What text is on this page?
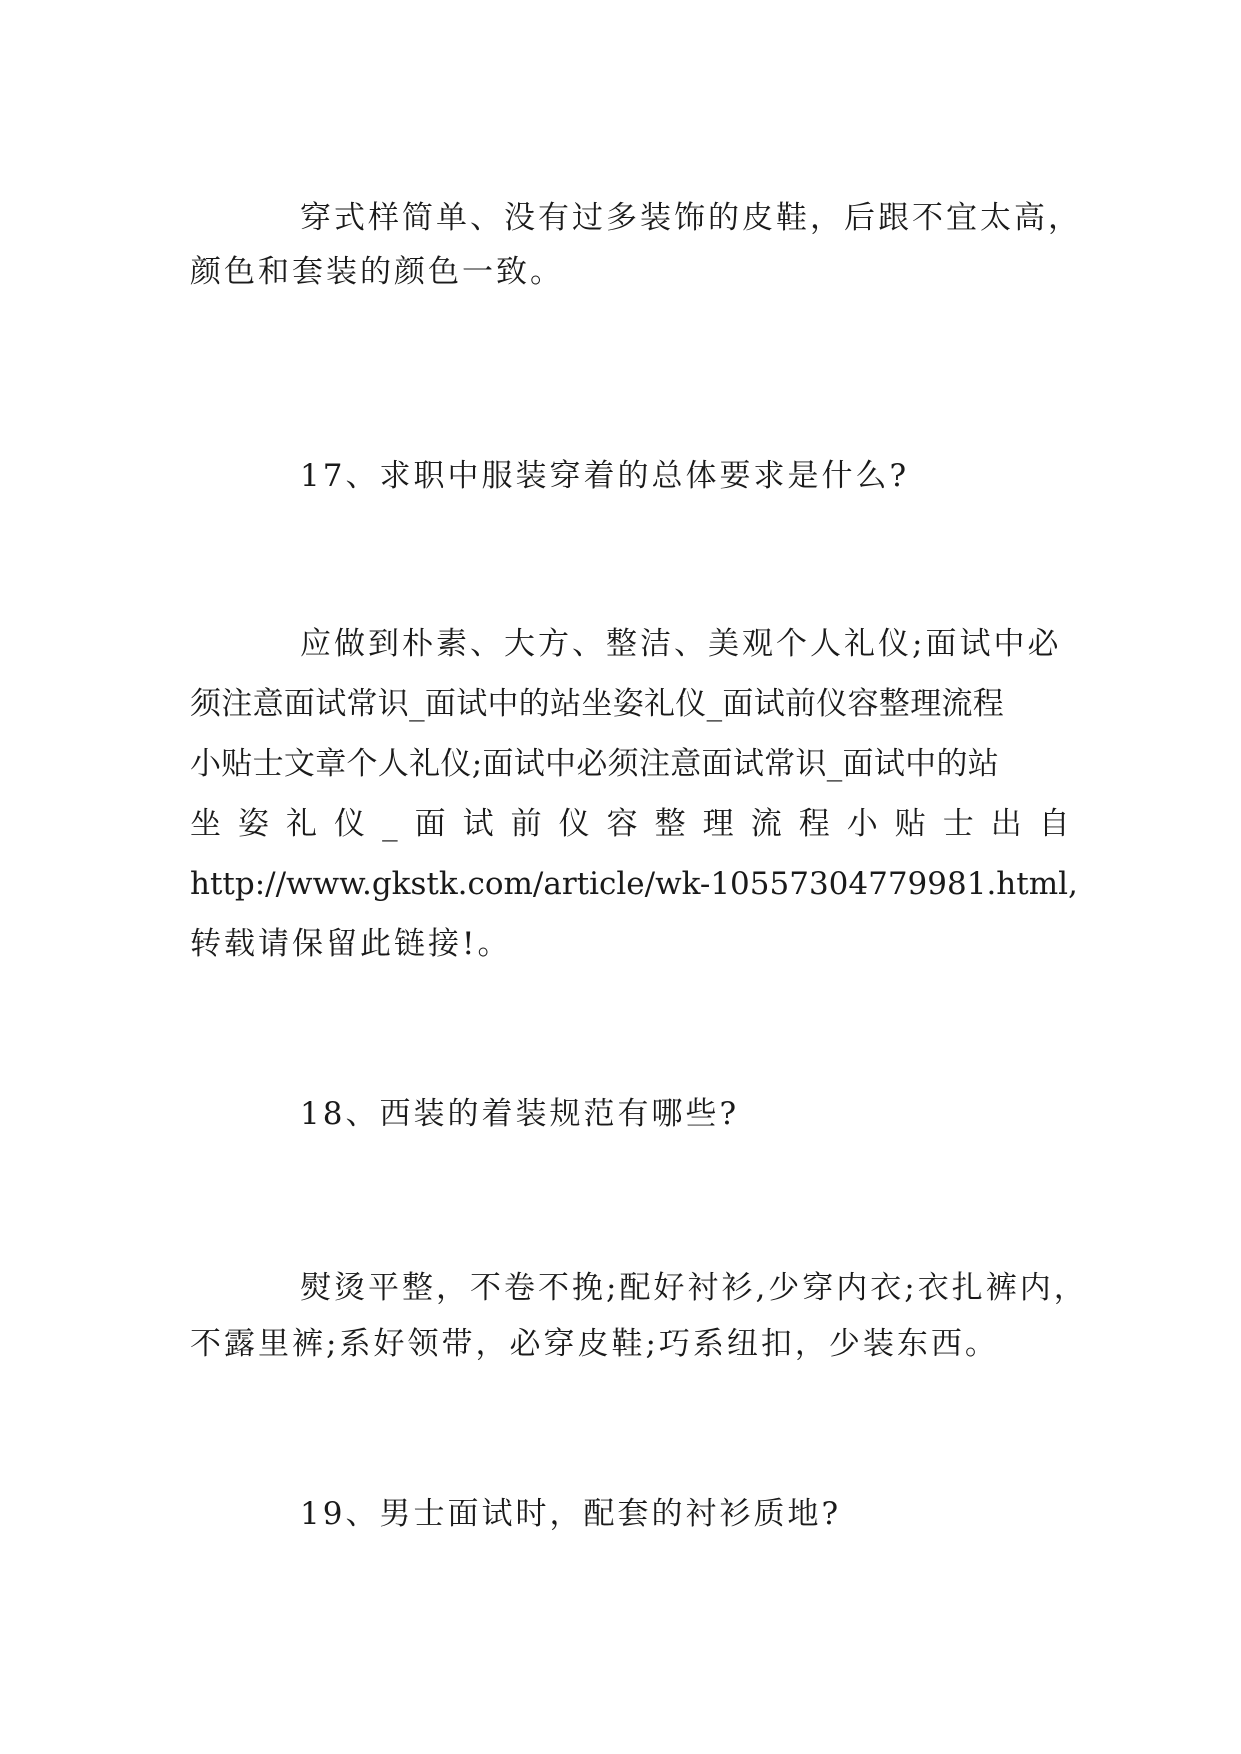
穿式样简单、没有过多装饰的皮鞋，后跟不宜太高，
颜色和套装的颜色一致。
17、求职中服装穿着的总体要求是什么?
应做到朴素、大方、整洁、美观个人礼仪;面试中必
须注意面试常识_面试中的站坐姿礼仪_面试前仪容整理流程
小贴士文章个人礼仪;面试中必须注意面试常识_面试中的站
坐 姿 礼 仪 _ 面 试 前 仪 容 整 理 流 程 小 贴 士 出 自
http://www.gkstk.com/article/wk-10557304779981.html,
转载请保留此链接!。
18、西装的着装规范有哪些?
熨烫平整，不卷不挽;配好衬衫,少穿内衣;衣扎裤内，
不露里裤;系好领带，必穿皮鞋;巧系纽扣，少装东西。
19、男士面试时，配套的衬衫质地?
